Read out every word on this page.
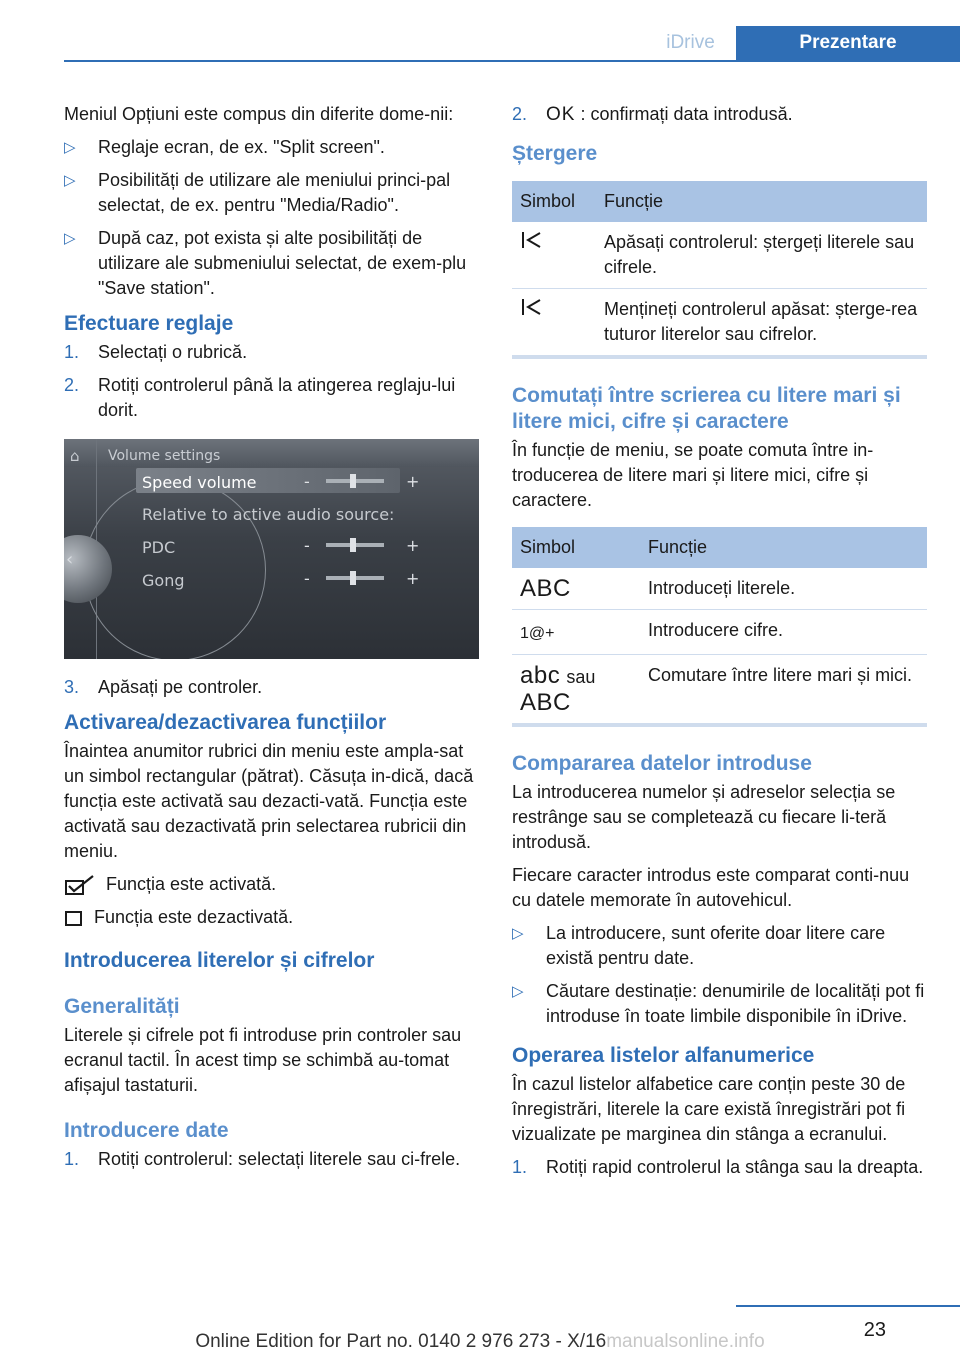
iDrive	Prezentare

Meniul Opțiuni este compus din diferite dome‐nii:

▷ Reglaje ecran, de ex. "Split screen".
▷ Posibilități de utilizare ale meniului princi‐pal selectat, de ex. pentru "Media/Radio".
▷ După caz, pot exista și alte posibilități de utilizare ale submeniului selectat, de exem‐plu "Save station".
Efectuare reglaje
1. Selectați o rubrică.
2. Rotiți controlerul până la atingerea reglaju‐lui dorit.
⌂	Volume settings
‹
Speed volume
Relative to active audio source:
PDC
Gong
-	+
-	+
-	+
3. Apăsați pe controler.
Activarea/dezactivarea funcțiilor

Înaintea anumitor rubrici din meniu este ampla‐sat un simbol rectangular (pătrat). Căsuța in‐dică, dacă funcția este activată sau dezacti‐vată. Funcția este activată sau dezactivată prin selectarea rubricii din meniu.

Funcția este activată.
Funcția este dezactivată.
Introducerea literelor și cifrelor
Generalități

Literele și cifrele pot fi introduse prin controler sau ecranul tactil. În acest timp se schimbă au‐tomat afișajul tastaturii.

Introducere date
1. Rotiți controlerul: selectați literele sau ci‐frele.
2. OK : confirmați data introdusă.
Ștergere
Simbol	Funcție
	Apăsați controlerul: ștergeți literele sau cifrele.
	Mențineți controlerul apăsat: șterge‐rea tuturor literelor sau cifrelor.
Comutați între scrierea cu litere mari și litere mici, cifre și caractere

În funcție de meniu, se poate comuta între in‐troducerea de litere mari și litere mici, cifre și caractere.

Simbol	Funcție
ABC	Introduceți literele.
1@+	Introducere cifre.
abc sau
ABC	Comutare între litere mari și mici.
Compararea datelor introduse

La introducerea numelor și adreselor selecția se restrânge sau se completează cu fiecare li‐teră introdusă.

Fiecare caracter introdus este comparat conti‐nuu cu datele memorate în autovehicul.

▷ La introducere, sunt oferite doar litere care există pentru date.
▷ Căutare destinație: denumirile de localități pot fi introduse în toate limbile disponibile în iDrive.
Operarea listelor alfanumerice

În cazul listelor alfabetice care conțin peste 30 de înregistrări, literele la care există înregistrări pot fi vizualizate pe marginea din stânga a ecranului.

1. Rotiți rapid controlerul la stânga sau la dreapta.
23
Online Edition for Part no. 0140 2 976 273 - X/16manualsonline.info
